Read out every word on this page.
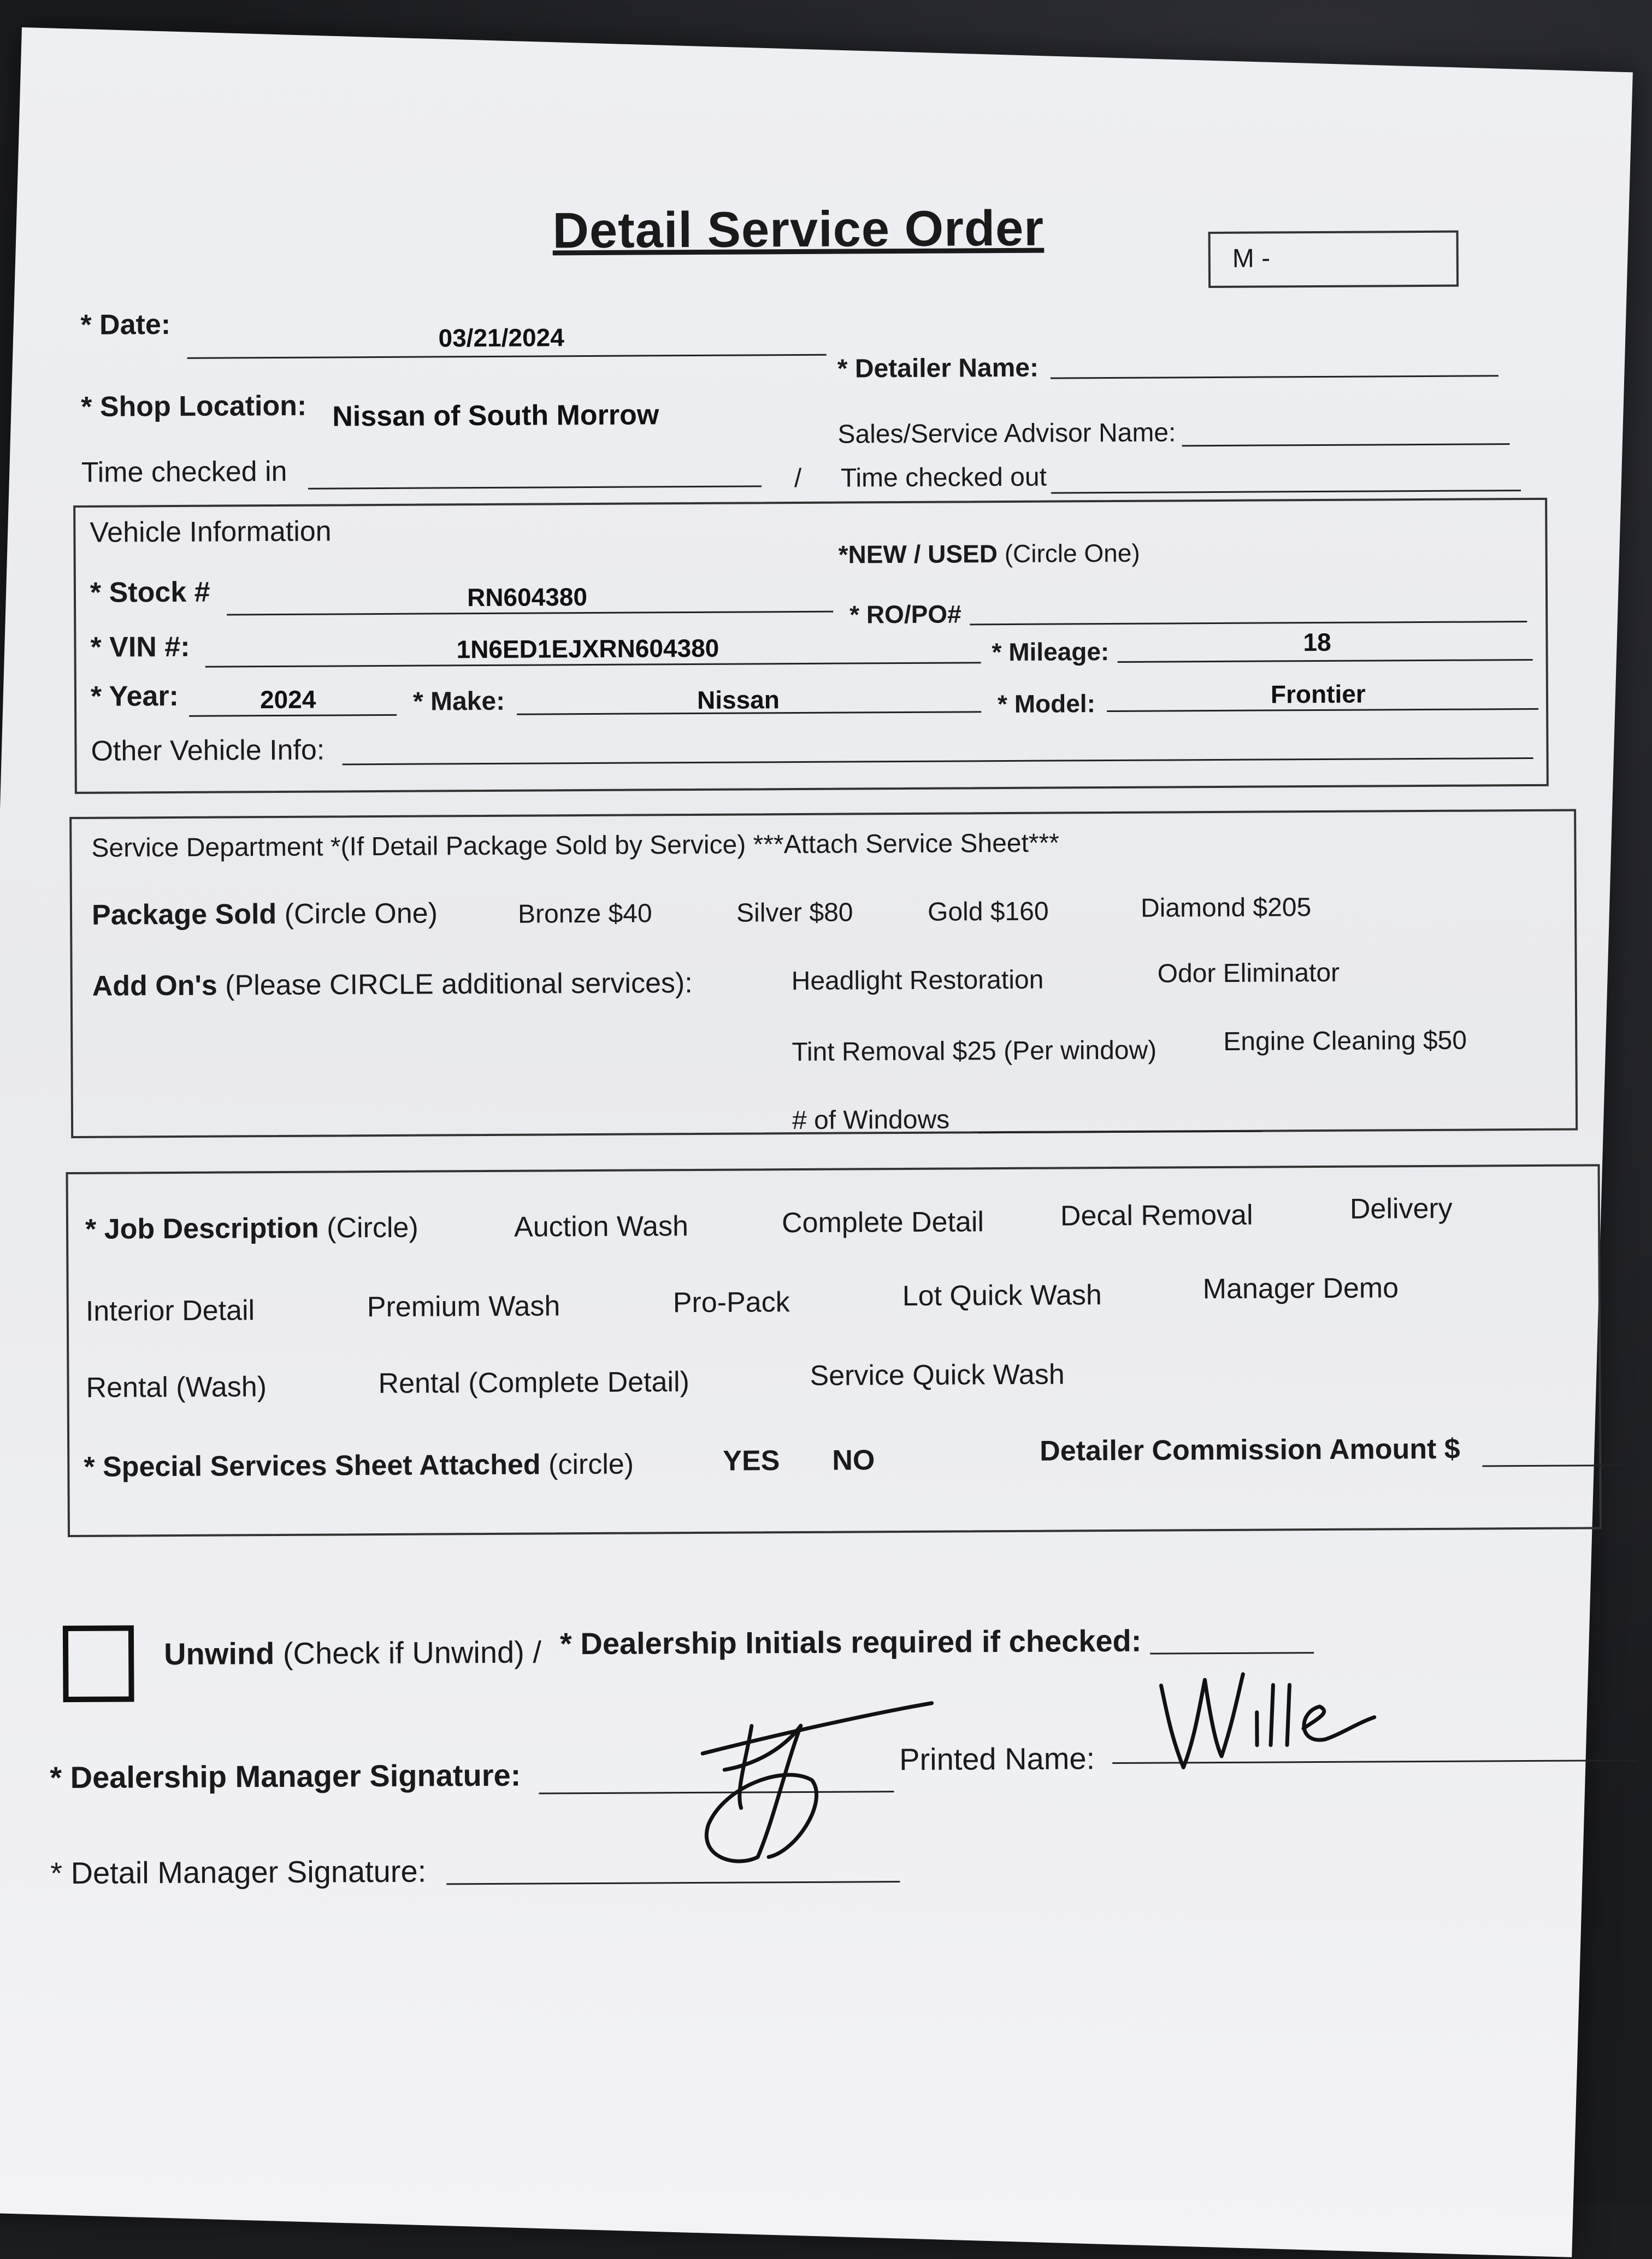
Detail Service Order	M -
* Date:	03/21/2024
* Detailer Name:
* Shop Location: Nissan of South Morrow
Sales/Service Advisor Name:
Time checked in	/ Time checked out
Vehicle Information
*NEW / USED (Circle One)
* Stock #	RN604380
* RO/PO#
* VIN #:	1N6ED1EJXRN604380	* Mileage:	18
* Year:	2024	* Make:	Nissan	* Model:	Frontier
Other Vehicle Info:
Service Department *(If Detail Package Sold by Service) ***Attach Service Sheet***
Package Sold (Circle One)	Bronze $40	Silver $80	Gold $160	Diamond $205
Add On's (Please CIRCLE additional services):	Headlight Restoration	Odor Eliminator
Tint Removal $25 (Per window)	Engine Cleaning $50
# of Windows
* Job Description (Circle)	Auction Wash	Complete Detail	Decal Removal	Delivery
Interior Detail	Premium Wash	Pro-Pack	Lot Quick Wash	Manager Demo
Rental (Wash)	Rental (Complete Detail)	Service Quick Wash
* Special Services Sheet Attached (circle)	YES NO	Detailer Commission Amount $
Unwind (Check if Unwind) / * Dealership Initials required if checked:
* Dealership Manager Signature:	Printed Name:
* Detail Manager Signature:
